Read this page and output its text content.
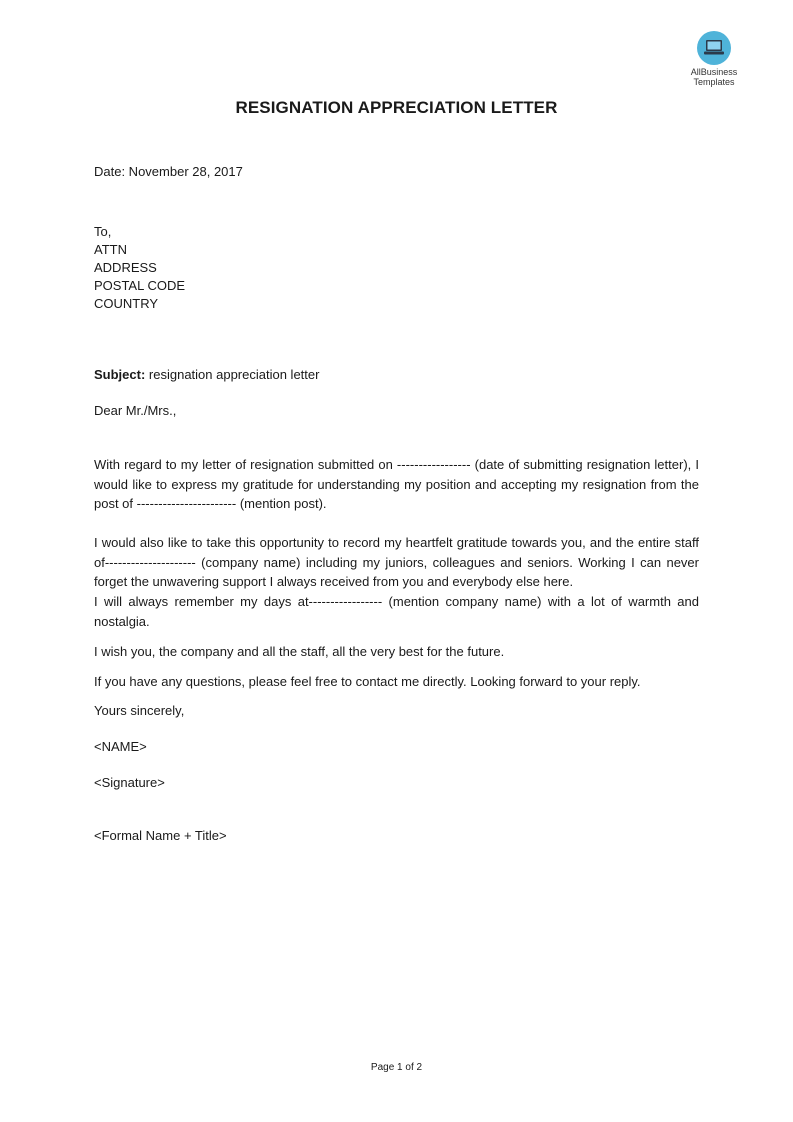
AllBusiness
Templates
RESIGNATION APPRECIATION LETTER
Date: November 28, 2017
To,
ATTN
ADDRESS
POSTAL CODE
COUNTRY
Subject: resignation appreciation letter
Dear Mr./Mrs.,
With regard to my letter of resignation submitted on ----------------- (date of submitting resignation letter), I would like to express my gratitude for understanding my position and accepting my resignation from the post of ----------------------- (mention post).
I would also like to take this opportunity to record my heartfelt gratitude towards you, and the entire staff of--------------------- (company name) including my juniors, colleagues and seniors. Working I can never forget the unwavering support I always received from you and everybody else here.
I will always remember my days at----------------- (mention company name) with a lot of warmth and nostalgia.
I wish you, the company and all the staff, all the very best for the future.
If you have any questions, please feel free to contact me directly. Looking forward to your reply.
Yours sincerely,
<NAME>
<Signature>
<Formal Name + Title>
Page 1 of 2
